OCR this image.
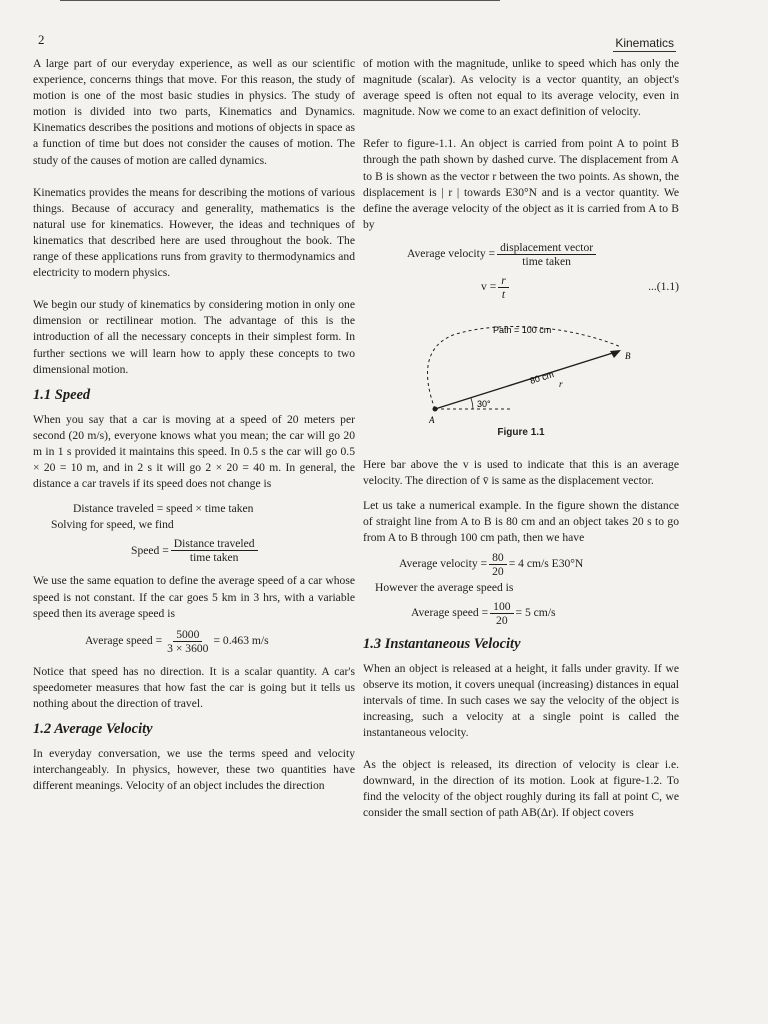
2	Kinematics

A large part of our everyday experience, as well as our scientific experience, concerns things that move. For this reason, the study of motion is one of the most basic studies in physics. The study of motion is divided into two parts, Kinematics and Dynamics. Kinematics describes the positions and motions of objects in space as a function of time but does not consider the causes of motion. The study of the causes of motion are called dynamics.

Kinematics provides the means for describing the motions of various things. Because of accuracy and generality, mathematics is the natural use for kinematics. However, the ideas and techniques of kinematics that described here are used throughout the book. The range of these applications runs from gravity to thermodynamics and electricity to modern physics.

We begin our study of kinematics by considering motion in only one dimension or rectilinear motion. The advantage of this is the introduction of all the necessary concepts in their simplest form. In further sections we will learn how to apply these concepts to two dimensional motion.

1.1 Speed

When you say that a car is moving at a speed of 20 meters per second (20 m/s), everyone knows what you mean; the car will go 20 m in 1 s provided it maintains this speed. In 0.5 s the car will go 0.5 × 20 = 10 m, and in 2 s it will go 2 × 20 = 40 m. In general, the distance a car travels if its speed does not change is

Distance traveled = speed × time taken

Solving for speed, we find

Speed = $\frac{\text{Distance traveled}}{\text{time taken}}$

We use the same equation to define the average speed of a car whose speed is not constant. If the car goes 5 km in 3 hrs, with a variable speed then its average speed is

Average speed = $\frac{5000}{3 \times 3600} = 0.463$ m/s

Notice that speed has no direction. It is a scalar quantity. A car's speedometer measures that how fast the car is going but it tells us nothing about the direction of travel.

1.2 Average Velocity

In everyday conversation, we use the terms speed and velocity interchangeably. In physics, however, these two quantities have different meanings. Velocity of an object includes the direction

of motion with the magnitude, unlike to speed which has only the magnitude (scalar). As velocity is a vector quantity, an object's average speed is often not equal to its average velocity, even in magnitude. Now we come to an exact definition of velocity.

Refer to figure-1.1. An object is carried from point A to point B through the path shown by dashed curve. The displacement from A to B is shown as the vector r between the two points. As shown, the displacement is | r | towards E30°N and is a vector quantity. We define the average velocity of the object as it is carried from A to B by

Average velocity = $\frac{\text{displacement vector}}{\text{time taken}}$
$v = \frac{r}{t}$	...(1.1)
Path = 100 cm
80 cm r
30°
A
B
Figure 1.1

Here bar above the v is used to indicate that this is an average velocity. The direction of v̄ is same as the displacement vector.

Let us take a numerical example. In the figure shown the distance of straight line from A to B is 80 cm and an object takes 20 s to go from A to B through 100 cm path, then we have

Average velocity = $\frac{80}{20} = 4$ cm/s E30°N

However the average speed is

Average speed = $\frac{100}{20} = 5$ cm/s
1.3 Instantaneous Velocity

When an object is released at a height, it falls under gravity. If we observe its motion, it covers unequal (increasing) distances in equal intervals of time. In such cases we say the velocity of the object is increasing, such a velocity at a single point is called the instantaneous velocity.

As the object is released, its direction of velocity is clear i.e. downward, in the direction of its motion. Look at figure-1.2. To find the velocity of the object roughly during its fall at point C, we consider the small section of path AB(Δr). If object covers
